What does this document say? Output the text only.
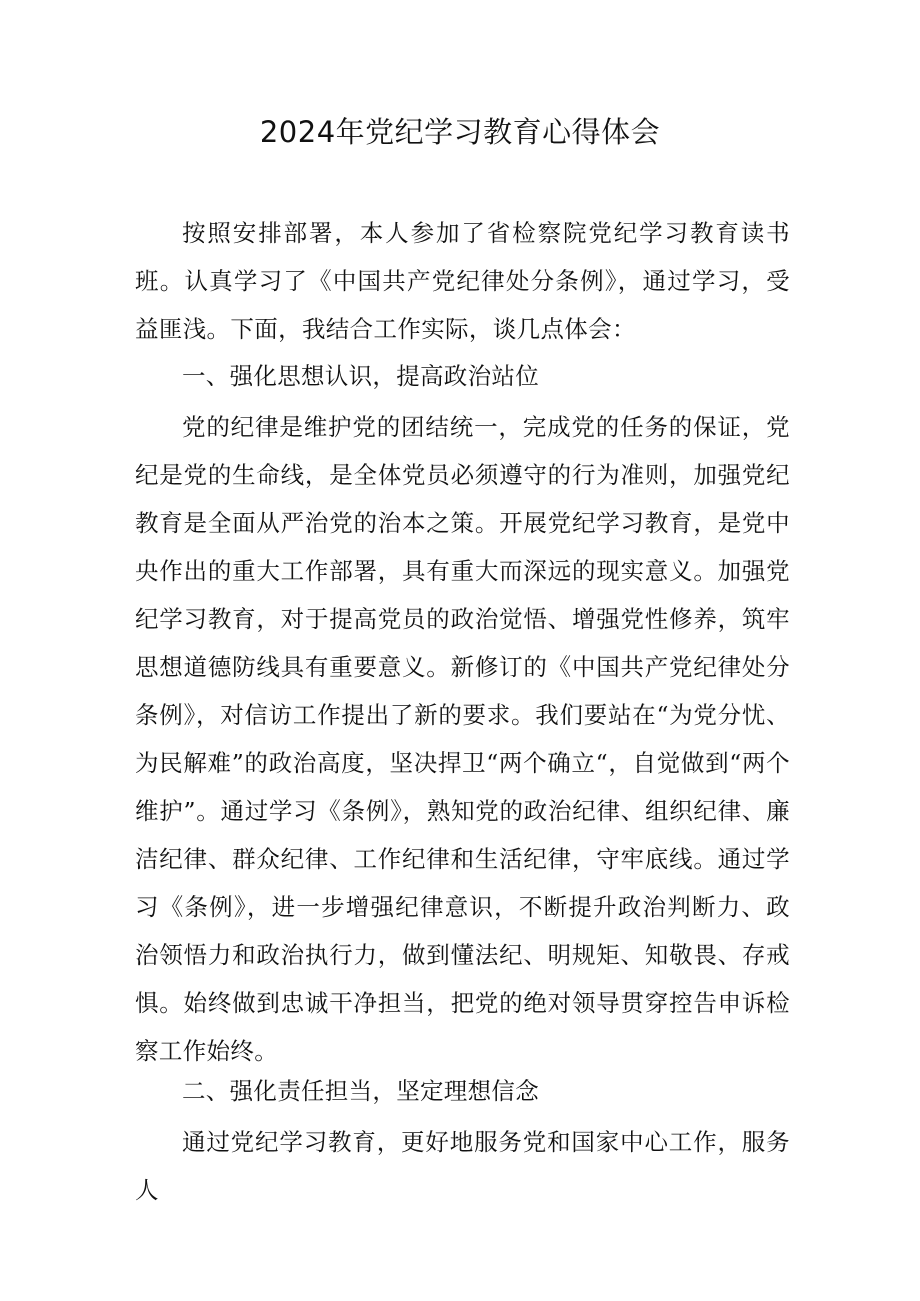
2024年党纪学习教育心得体会

按照安排部署，本人参加了省检察院党纪学习教育读书班。认真学习了《中国共产党纪律处分条例》，通过学习，受益匪浅。下面，我结合工作实际，谈几点体会：

一、强化思想认识，提高政治站位

党的纪律是维护党的团结统一，完成党的任务的保证，党纪是党的生命线，是全体党员必须遵守的行为准则，加强党纪教育是全面从严治党的治本之策。开展党纪学习教育，是党中央作出的重大工作部署，具有重大而深远的现实意义。加强党纪学习教育，对于提高党员的政治觉悟、增强党性修养，筑牢思想道德防线具有重要意义。新修订的《中国共产党纪律处分条例》，对信访工作提出了新的要求。我们要站在“为党分忧、为民解难”的政治高度，坚决捍卫“两个确立“，自觉做到“两个维护”。通过学习《条例》，熟知党的政治纪律、组织纪律、廉洁纪律、群众纪律、工作纪律和生活纪律，守牢底线。通过学习《条例》，进一步增强纪律意识，不断提升政治判断力、政治领悟力和政治执行力，做到懂法纪、明规矩、知敬畏、存戒惧。始终做到忠诚干净担当，把党的绝对领导贯穿控告申诉检察工作始终。

二、强化责任担当，坚定理想信念

通过党纪学习教育，更好地服务党和国家中心工作，服务人
